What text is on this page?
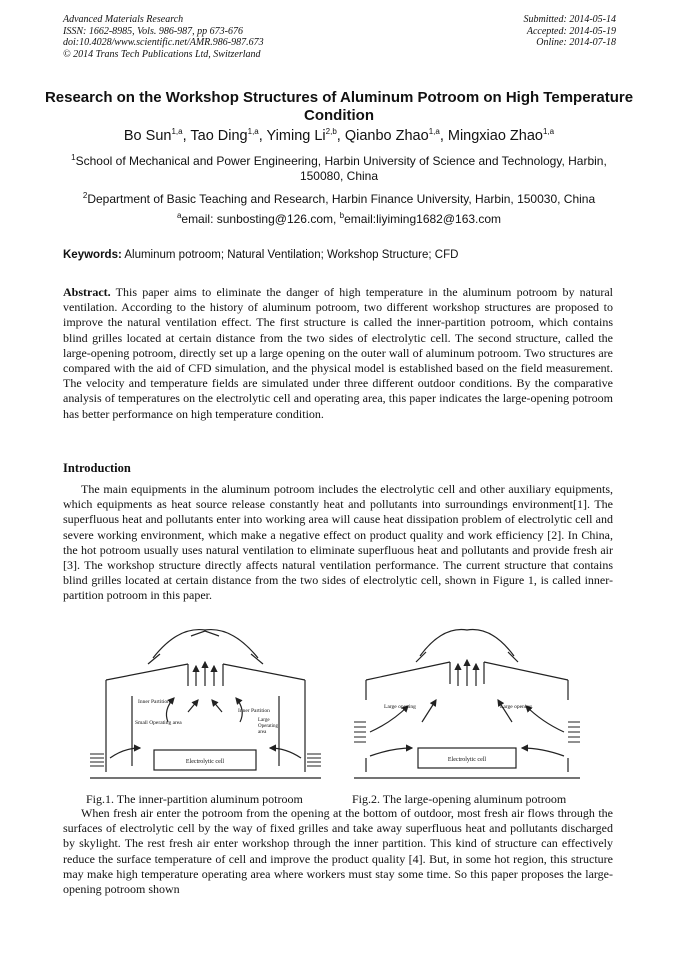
Advanced Materials Research
ISSN: 1662-8985, Vols. 986-987, pp 673-676
doi:10.4028/www.scientific.net/AMR.986-987.673
© 2014 Trans Tech Publications Ltd, Switzerland
Submitted: 2014-05-14
Accepted: 2014-05-19
Online: 2014-07-18
Research on the Workshop Structures of Aluminum Potroom on High Temperature Condition
Bo Sun$^{1,a}$, Tao Ding$^{1,a}$, Yiming Li$^{2,b}$, Qianbo Zhao$^{1,a}$, Mingxiao Zhao$^{1,a}$
$^1$School of Mechanical and Power Engineering, Harbin University of Science and Technology, Harbin, 150080, China
$^2$Department of Basic Teaching and Research, Harbin Finance University, Harbin, 150030, China
$^a$email: sunbosting@126.com, $^b$email:liyiming1682@163.com
Keywords: Aluminum potroom; Natural Ventilation; Workshop Structure; CFD
Abstract. This paper aims to eliminate the danger of high temperature in the aluminum potroom by natural ventilation. According to the history of aluminum potroom, two different workshop structures are proposed to improve the natural ventilation effect. The first structure is called the inner-partition potroom, which contains blind grilles located at certain distance from the two sides of electrolytic cell. The second structure, called the large-opening potroom, directly set up a large opening on the outer wall of aluminum potroom. Two structures are compared with the aid of CFD simulation, and the physical model is established based on the field measurement. The velocity and temperature fields are simulated under three different outdoor conditions. By the comparative analysis of temperatures on the electrolytic cell and operating area, this paper indicates the large-opening potroom has better performance on high temperature condition.
Introduction
The main equipments in the aluminum potroom includes the electrolytic cell and other auxiliary equipments, which equipments as heat source release constantly heat and pollutants into surroundings environment[1]. The superfluous heat and pollutants enter into working area will cause heat dissipation problem of electrolytic cell and severe working environment, which make a negative effect on product quality and work efficiency [2]. In China, the hot potroom usually uses natural ventilation to eliminate superfluous heat and pollutants and provide fresh air [3]. The workshop structure directly affects natural ventilation performance. The current structure that contains blind grilles located at certain distance from the two sides of electrolytic cell, shown in Figure 1, is called inner-partition potroom in this paper.
Electrolytic cell
Inner Partition
Inner Partition
Small Operating area	Large
Operating
area
Electrolytic cell
Large opening	Large opening
Fig.1. The inner-partition aluminum potroom	Fig.2. The large-opening aluminum potroom
When fresh air enter the potroom from the opening at the bottom of outdoor, most fresh air flows through the surfaces of electrolytic cell by the way of fixed grilles and take away superfluous heat and pollutants discharged by skylight. The rest fresh air enter workshop through the inner partition. This kind of structure can effectively reduce the surface temperature of cell and improve the product quality [4]. But, in some hot region, this structure may make high temperature operating area where workers must stay some time. So this paper proposes the large-opening potroom shown
